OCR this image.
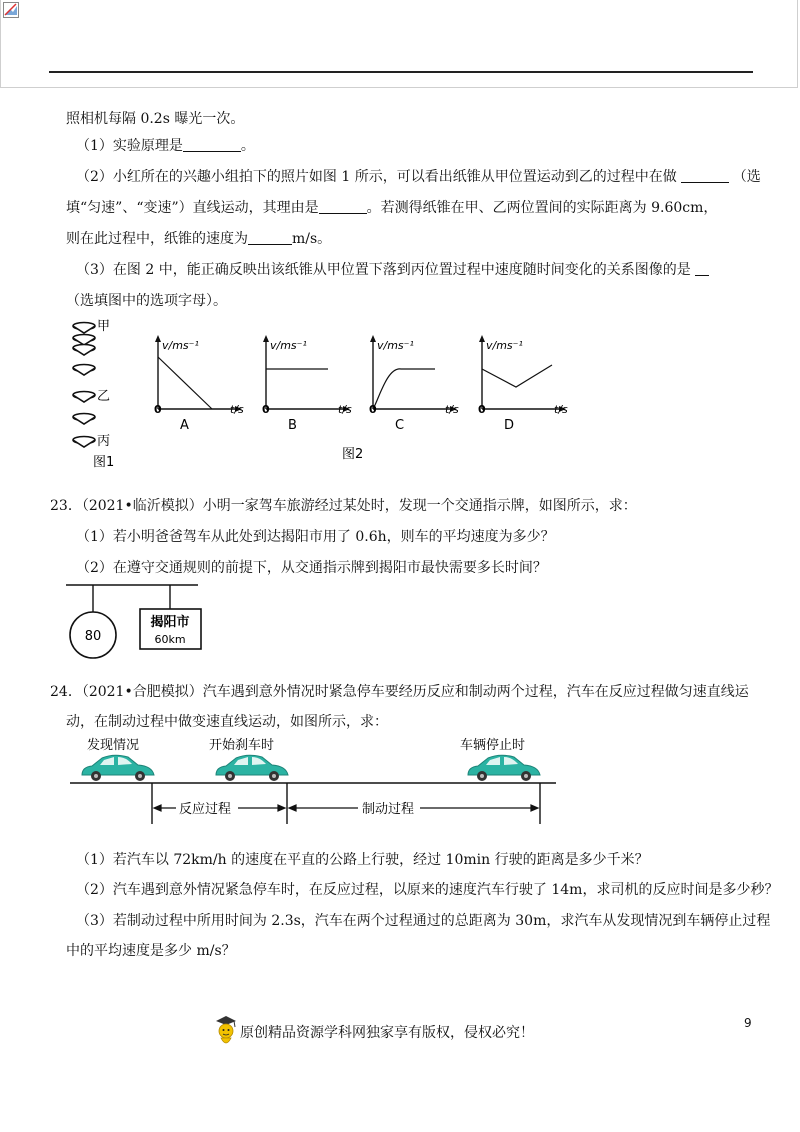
照相机每隔 0.2s 曝光一次。
（1）实验原理是	。
（2）小红所在的兴趣小组拍下的照片如图 1 所示，可以看出纸锥从甲位置运动到乙的过程中在做	（选
填“匀速”、“变速”）直线运动，其理由是	。若测得纸锥在甲、乙两位置间的实际距离为 9.60cm，
则在此过程中，纸锥的速度为	m/s。
（3）在图 2 中，能正确反映出该纸锥从甲位置下落到丙位置过程中速度随时间变化的关系图像的是
（选填图中的选项字母）。
甲
乙
丙
图1
图2
v/ms⁻¹
t/s
0
A
v/ms⁻¹
t/s
0
B
v/ms⁻¹
t/s
0
C
v/ms⁻¹
t/s
0
D
23．（2021•临沂模拟）小明一家驾车旅游经过某处时，发现一个交通指示牌，如图所示，求：
（1）若小明爸爸驾车从此处到达揭阳市用了 0.6h，则车的平均速度为多少？
（2）在遵守交通规则的前提下，从交通指示牌到揭阳市最快需要多长时间？
80
揭阳市
60km
24．（2021•合肥模拟）汽车遇到意外情况时紧急停车要经历反应和制动两个过程，汽车在反应过程做匀速直线运
动，在制动过程中做变速直线运动，如图所示，求：
发现情况	开始刹车时	车辆停止时
反应过程	制动过程
（1）若汽车以 72km/h 的速度在平直的公路上行驶，经过 10min 行驶的距离是多少千米？
（2）汽车遇到意外情况紧急停车时，在反应过程，以原来的速度汽车行驶了 14m，求司机的反应时间是多少秒？
（3）若制动过程中所用时间为 2.3s，汽车在两个过程通过的总距离为 30m，求汽车从发现情况到车辆停止过程
中的平均速度是多少 m/s？
原创精品资源学科网独家享有版权，侵权必究！
9
